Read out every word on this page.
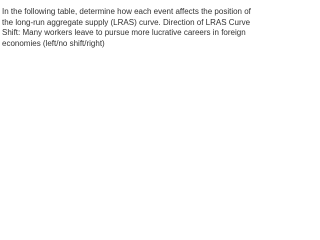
In the following table, determine how each event affects the position of the long-run aggregate supply (LRAS) curve. Direction of LRAS Curve Shift: Many workers leave to pursue more lucrative careers in foreign economies (left/no shift/right)
